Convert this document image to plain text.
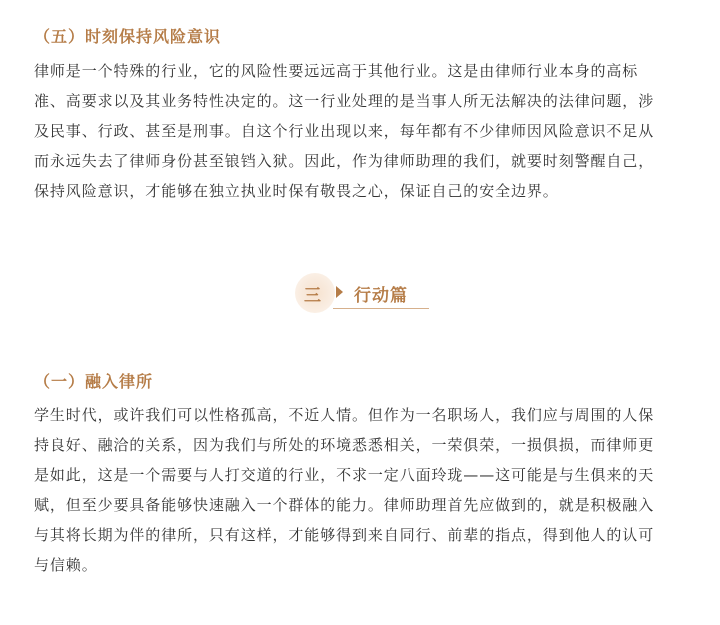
（五）时刻保持风险意识
律师是一个特殊的行业，它的风险性要远远高于其他行业。这是由律师行业本身的高标
准、高要求以及其业务特性决定的。这一行业处理的是当事人所无法解决的法律问题，涉
及民事、行政、甚至是刑事。自这个行业出现以来，每年都有不少律师因风险意识不足从
而永远失去了律师身份甚至锒铛入狱。因此，作为律师助理的我们，就要时刻警醒自己，
保持风险意识，才能够在独立执业时保有敬畏之心，保证自己的安全边界。
三 行动篇
（一）融入律所
学生时代，或许我们可以性格孤高，不近人情。但作为一名职场人，我们应与周围的人保
持良好、融洽的关系，因为我们与所处的环境悉悉相关，一荣俱荣，一损俱损，而律师更
是如此，这是一个需要与人打交道的行业，不求一定八面玲珑——这可能是与生俱来的天
赋，但至少要具备能够快速融入一个群体的能力。律师助理首先应做到的，就是积极融入
与其将长期为伴的律所，只有这样，才能够得到来自同行、前辈的指点，得到他人的认可
与信赖。
